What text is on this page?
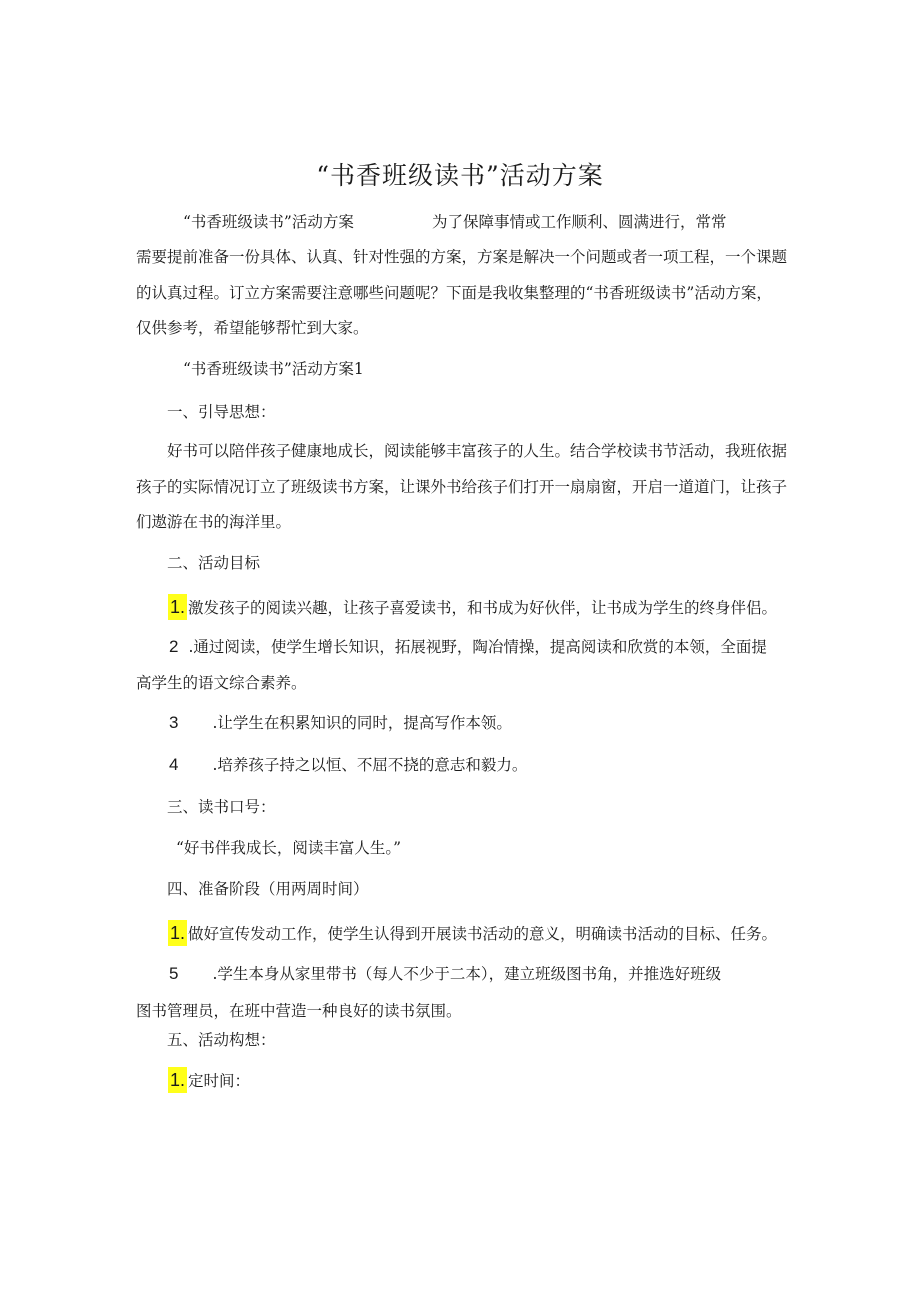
“书香班级读书”活动方案
“书香班级读书”活动方案	为了保障事情或工作顺利、圆满进行，常常
需要提前准备一份具体、认真、针对性强的方案，方案是解决一个问题或者一项工程，一个课题
的认真过程。订立方案需要注意哪些问题呢？下面是我收集整理的“书香班级读书”活动方案，
仅供参考，希望能够帮忙到大家。
“书香班级读书”活动方案1
一、引导思想：
好书可以陪伴孩子健康地成长，阅读能够丰富孩子的人生。结合学校读书节活动，我班依据
孩子的实际情况订立了班级读书方案，让课外书给孩子们打开一扇扇窗，开启一道道门，让孩子
们遨游在书的海洋里。
二、活动目标
1. 激发孩子的阅读兴趣，让孩子喜爱读书，和书成为好伙伴，让书成为学生的终身伴侣。
2 .通过阅读，使学生增长知识，拓展视野，陶冶情操，提高阅读和欣赏的本领，全面提
高学生的语文综合素养。
3 .让学生在积累知识的同时，提高写作本领。
4 .培养孩子持之以恒、不屈不挠的意志和毅力。
三、读书口号：
“好书伴我成长，阅读丰富人生。”
四、准备阶段（用两周时间）
1. 做好宣传发动工作，使学生认得到开展读书活动的意义，明确读书活动的目标、任务。
5 .学生本身从家里带书（每人不少于二本），建立班级图书角，并推选好班级
图书管理员，在班中营造一种良好的读书氛围。
五、活动构想：
1. 定时间：
